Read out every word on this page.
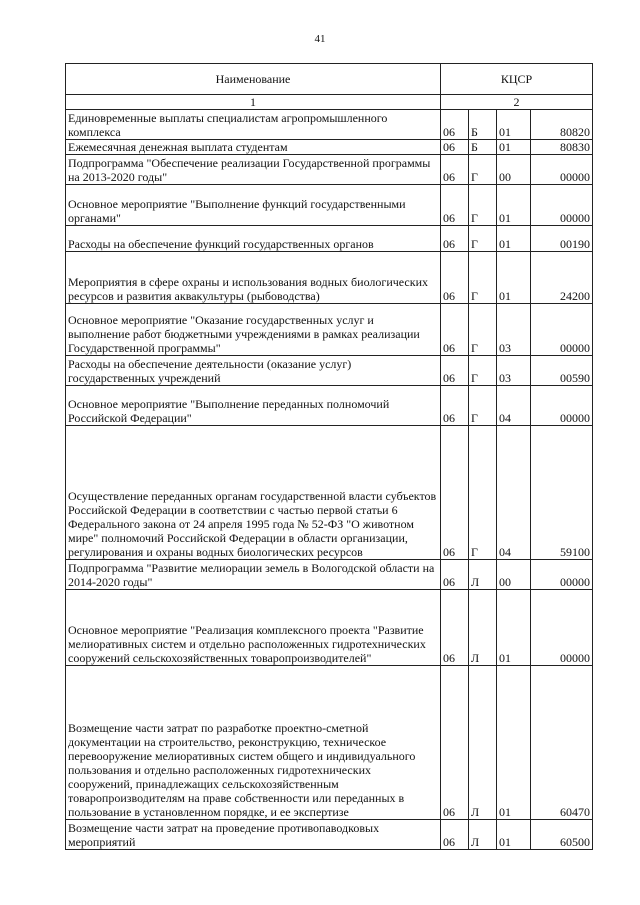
41
Наименование	КЦСР			
1	2			
Единовременные выплаты специалистам агропромышленного комплекса	06	Б	01	80820
Ежемесячная денежная выплата студентам	06	Б	01	80830
Подпрограмма "Обеспечение реализации Государственной программы на 2013-2020 годы"	06	Г	00	00000
Основное мероприятие "Выполнение функций государственными органами"	06	Г	01	00000
Расходы на обеспечение функций государственных органов	06	Г	01	00190
Мероприятия в сфере охраны и использования водных биологических ресурсов и развития аквакультуры (рыбоводства)	06	Г	01	24200
Основное мероприятие "Оказание государственных услуг и выполнение работ бюджетными учреждениями в рамках реализации Государственной программы"	06	Г	03	00000
Расходы на обеспечение деятельности (оказание услуг) государственных учреждений	06	Г	03	00590
Основное мероприятие "Выполнение переданных полномочий Российской Федерации"	06	Г	04	00000
Осуществление переданных органам государственной власти субъектов Российской Федерации в соответствии с частью первой статьи 6 Федерального закона от 24 апреля 1995 года № 52-ФЗ "О животном мире" полномочий Российской Федерации в области организации, регулирования и охраны водных биологических ресурсов	06	Г	04	59100
Подпрограмма "Развитие мелиорации земель в Вологодской области на 2014-2020 годы"	06	Л	00	00000
Основное мероприятие "Реализация комплексного проекта "Развитие мелиоративных систем и отдельно расположенных гидротехнических сооружений сельскохозяйственных товаропроизводителей"	06	Л	01	00000
Возмещение части затрат по разработке проектно-сметной документации на строительство, реконструкцию, техническое перевооружение мелиоративных систем общего и индивидуального пользования и отдельно расположенных гидротехнических сооружений, принадлежащих сельскохозяйственным товаропроизводителям на праве собственности или переданных в пользование в установленном порядке, и ее экспертизе	06	Л	01	60470
Возмещение части затрат на проведение противопаводковых мероприятий	06	Л	01	60500
